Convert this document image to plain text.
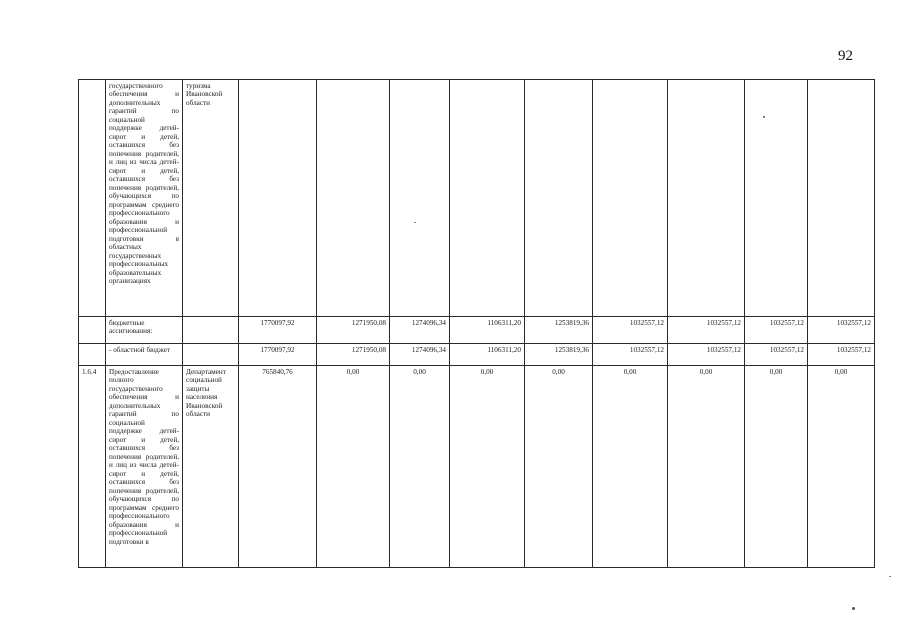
92
	государственного обеспечения и дополнительных гарантий по социальной поддержке детей-сирот и детей, оставшихся без попечения родителей, и лиц из числа детей-сирот и детей, оставшихся без попечения родителей, обучающихся по программам среднего профессионального образования и профессиональной подготовки в областных государственных профессиональных образовательных организациях	туризма Ивановской области									
	бюджетные ассигнования:		1770097,92	1271950,08	1274096,34	1106311,20	1253819,36	1032557,12	1032557,12	1032557,12	1032557,12
	- областной бюджет		1770097,92	1271950,08	1274096,34	1106311,20	1253819,36	1032557,12	1032557,12	1032557,12	1032557,12
1.6.4	Предоставление полного государственного обеспечения и дополнительных гарантий по социальной поддержке детей-сирот и детей, оставшихся без попечения родителей, и лиц из числа детей-сирот и детей, оставшихся без попечения родителей, обучающихся по программам среднего профессионального образования и профессиональной подготовки в	Департамент социальной защиты населения Ивановской области	765840,76	0,00	0,00	0,00	0,00	0,00	0,00	0,00	0,00
